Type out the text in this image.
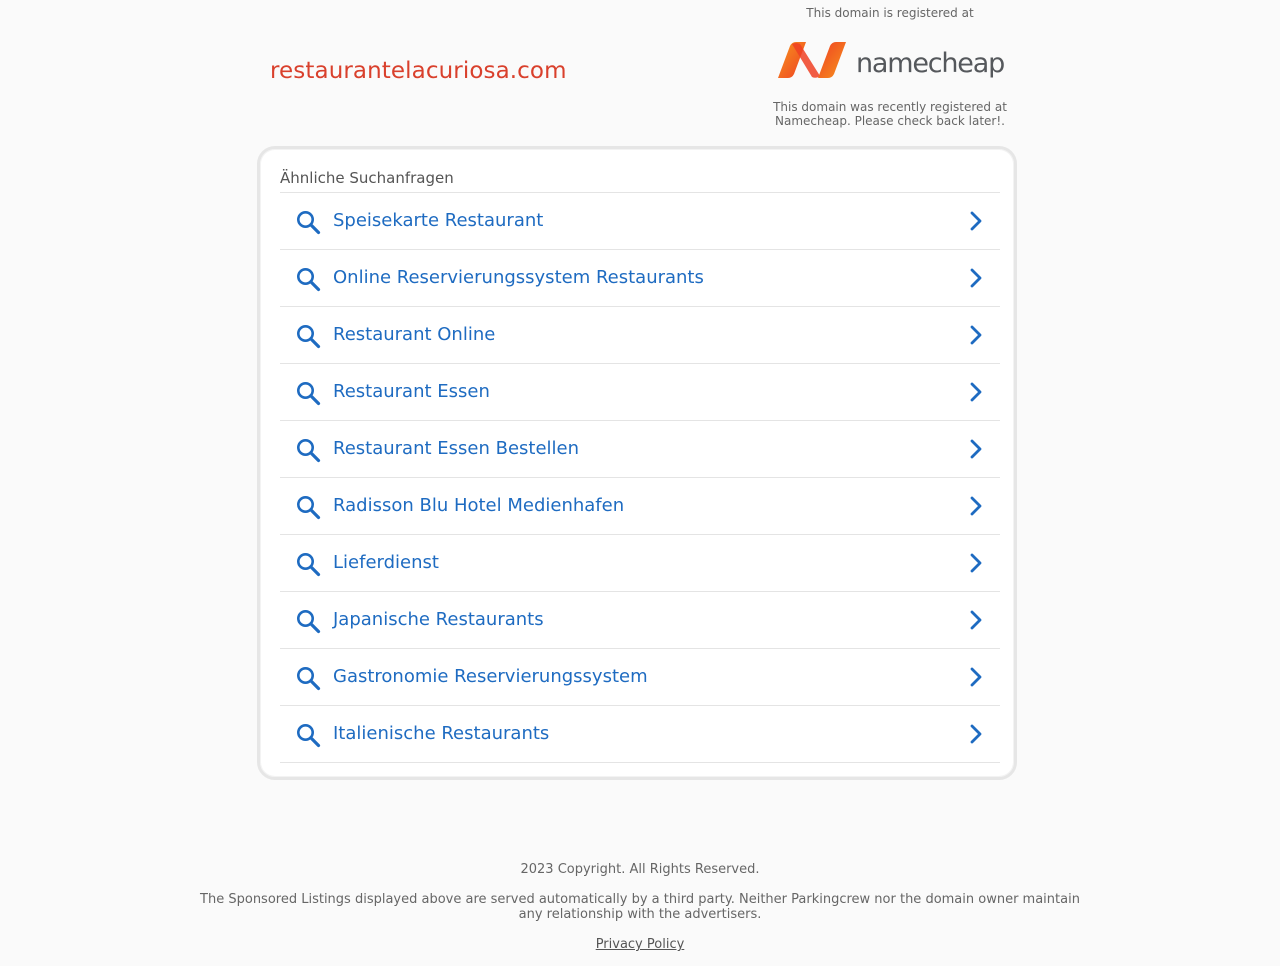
restaurantelacuriosa.com
This domain is registered at
namecheap
This domain was recently registered at Namecheap. Please check back later!.
Ähnliche Suchanfragen
Speisekarte Restaurant
Online Reservierungssystem Restaurants
Restaurant Online
Restaurant Essen
Restaurant Essen Bestellen
Radisson Blu Hotel Medienhafen
Lieferdienst
Japanische Restaurants
Gastronomie Reservierungssystem
Italienische Restaurants
2023 Copyright. All Rights Reserved.
The Sponsored Listings displayed above are served automatically by a third party. Neither Parkingcrew nor the domain owner maintain any relationship with the advertisers.
Privacy Policy
